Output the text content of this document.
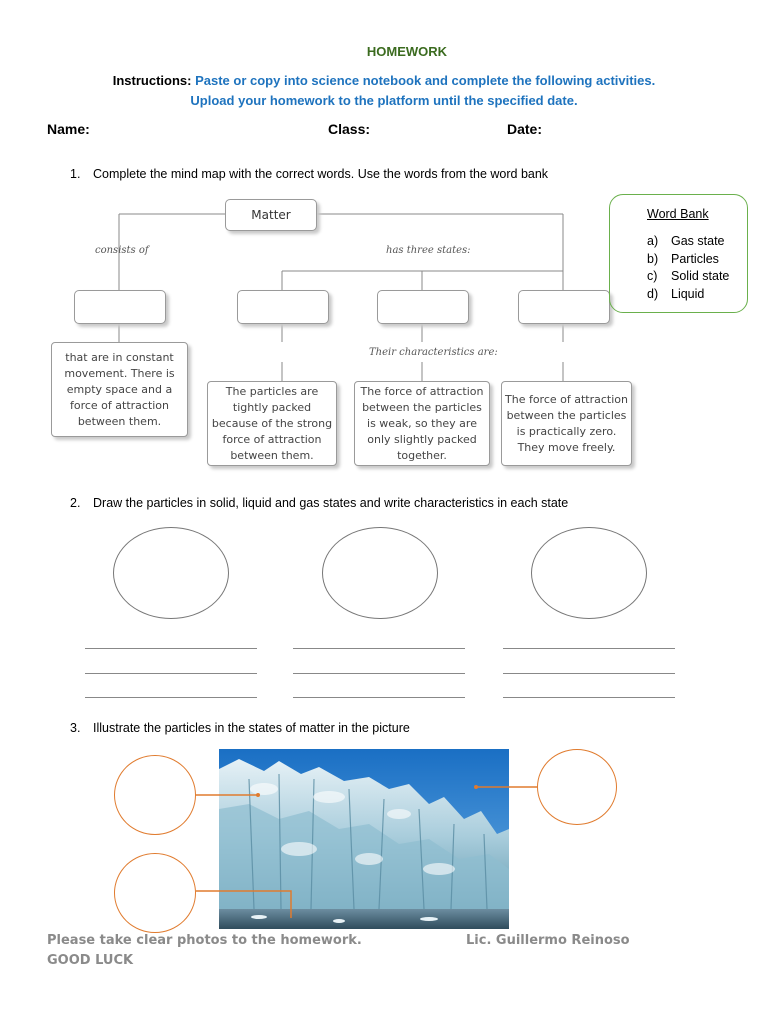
HOMEWORK
Instructions: Paste or copy into science notebook and complete the following activities.
Upload your homework to the platform until the specified date.
Name:	Class:	Date:
1. Complete the mind map with the correct words. Use the words from the word bank
Matter
consists of	has three states:
Their characteristics are:
that are in constant movement. There is empty space and a force of attraction between them.
The particles are tightly packed because of the strong force of attraction between them.
The force of attraction between the particles is weak, so they are only slightly packed together.
The force of attraction between the particles is practically zero. They move freely.
Word Bank
a) Gas state
b) Particles
c) Solid state
d) Liquid
2. Draw the particles in solid, liquid and gas states and write characteristics in each state
3. Illustrate the particles in the states of matter in the picture
Please take clear photos to the homework.	Lic. Guillermo Reinoso
GOOD LUCK
